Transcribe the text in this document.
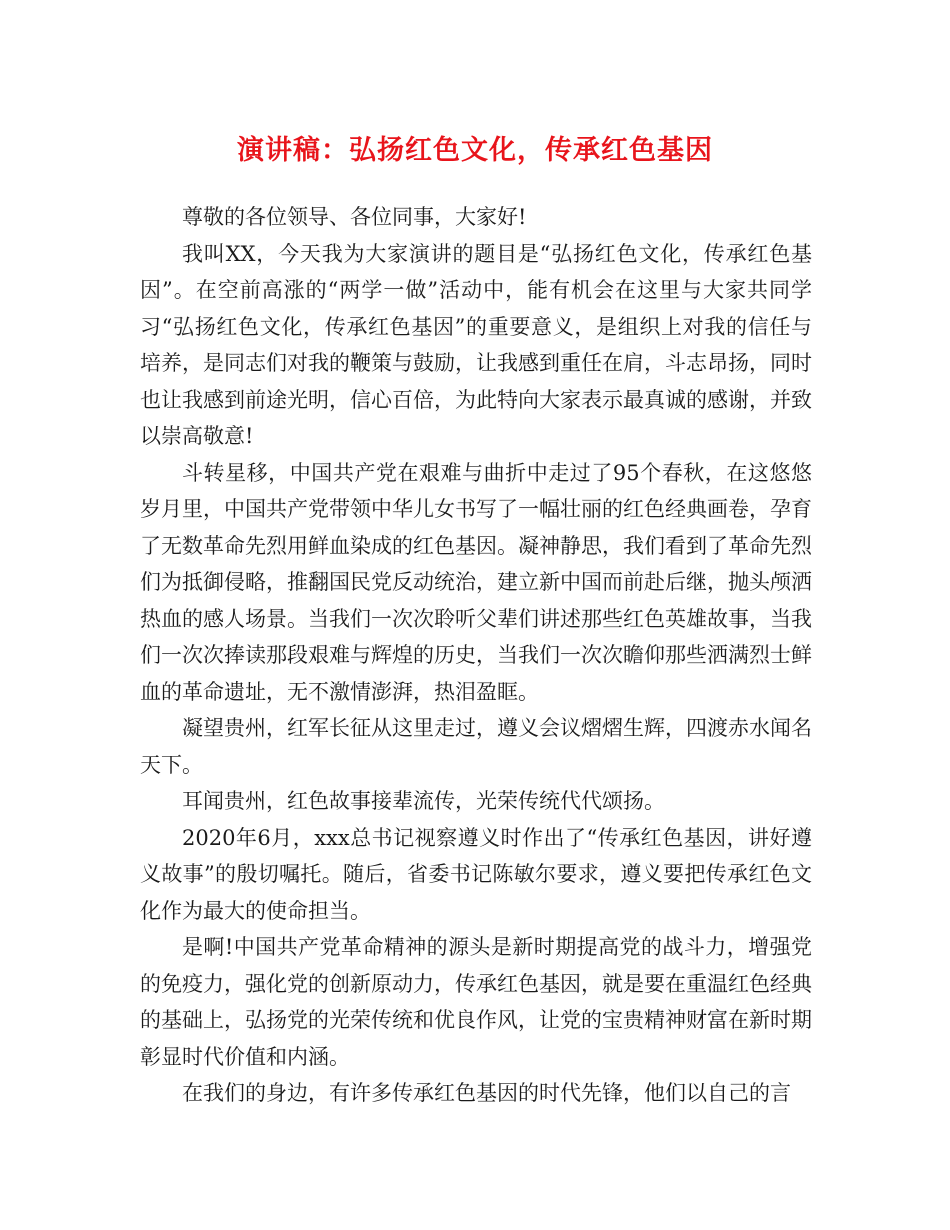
演讲稿：弘扬红色文化，传承红色基因

尊敬的各位领导、各位同事，大家好!

我叫XX，今天我为大家演讲的题目是“弘扬红色文化，传承红色基因”。在空前高涨的“两学一做”活动中，能有机会在这里与大家共同学习“弘扬红色文化，传承红色基因”的重要意义，是组织上对我的信任与培养，是同志们对我的鞭策与鼓励，让我感到重任在肩，斗志昂扬，同时也让我感到前途光明，信心百倍，为此特向大家表示最真诚的感谢，并致以崇高敬意!

斗转星移，中国共产党在艰难与曲折中走过了95个春秋，在这悠悠岁月里，中国共产党带领中华儿女书写了一幅壮丽的红色经典画卷，孕育了无数革命先烈用鲜血染成的红色基因。凝神静思，我们看到了革命先烈们为抵御侵略，推翻国民党反动统治，建立新中国而前赴后继，抛头颅洒热血的感人场景。当我们一次次聆听父辈们讲述那些红色英雄故事，当我们一次次捧读那段艰难与辉煌的历史，当我们一次次瞻仰那些洒满烈士鲜血的革命遗址，无不激情澎湃，热泪盈眶。

凝望贵州，红军长征从这里走过，遵义会议熠熠生辉，四渡赤水闻名天下。

耳闻贵州，红色故事接辈流传，光荣传统代代颂扬。

2020年6月，xxx总书记视察遵义时作出了“传承红色基因，讲好遵义故事”的殷切嘱托。随后，省委书记陈敏尔要求，遵义要把传承红色文化作为最大的使命担当。

是啊!中国共产党革命精神的源头是新时期提高党的战斗力，增强党的免疫力，强化党的创新原动力，传承红色基因，就是要在重温红色经典的基础上，弘扬党的光荣传统和优良作风，让党的宝贵精神财富在新时期彰显时代价值和内涵。

在我们的身边，有许多传承红色基因的时代先锋，他们以自己的言
